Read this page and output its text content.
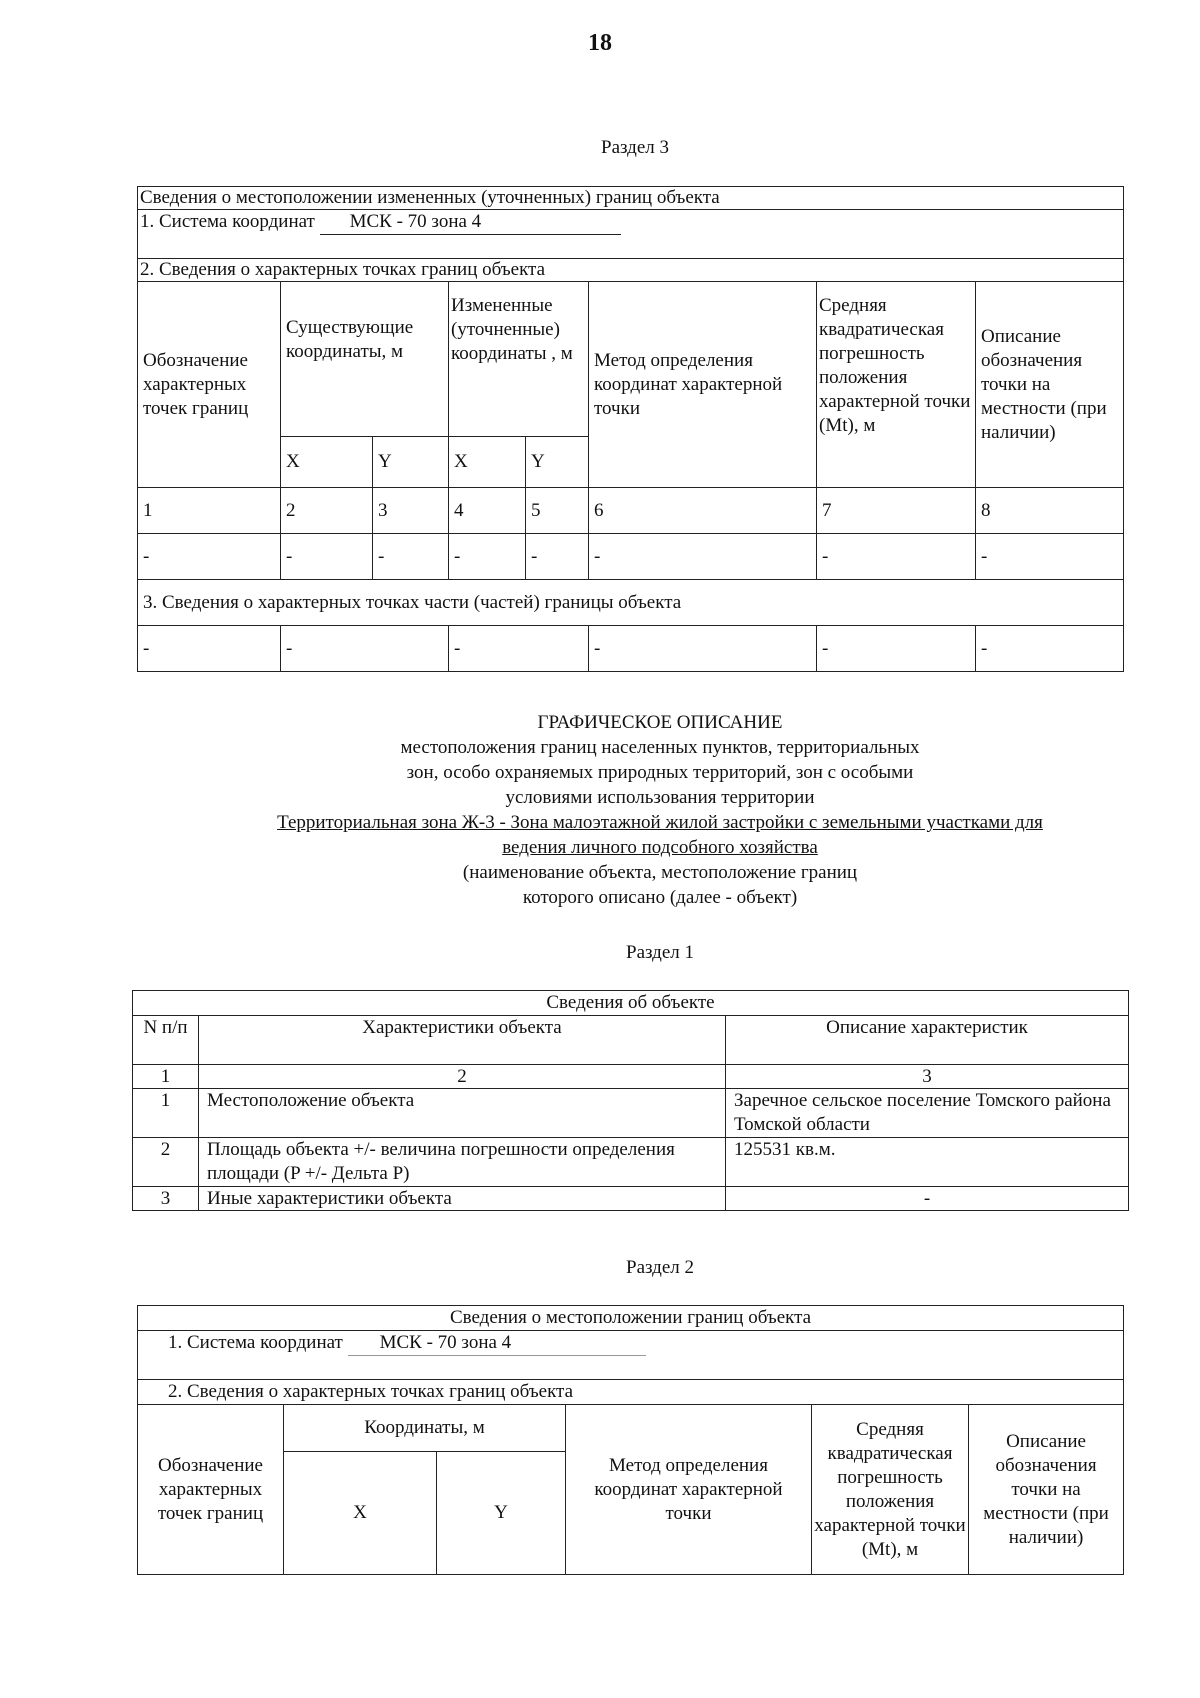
18
Раздел 3
Сведения о местоположении измененных (уточненных) границ объекта							
1. Система координат МСК - 70 зона 4							
2. Сведения о характерных точках границ объекта							
Обозначение характерных точек границ	Существующие координаты, м		Измененные (уточненные) координаты , м		Метод определения координат характерной точки	Средняя квадратическая погрешность положения характерной точки (Mt), м	Описание обозначения точки на местности (при наличии)
	X	Y	X	Y			
1	2	3	4	5	6	7	8
-	-	-	-	-	-	-	-
3. Сведения о характерных точках части (частей) границы объекта							
-	-		-		-	-	-
ГРАФИЧЕСКОЕ ОПИСАНИЕ
местоположения границ населенных пунктов, территориальных
зон, особо охраняемых природных территорий, зон с особыми
условиями использования территории
Территориальная зона Ж-3 - Зона малоэтажной жилой застройки с земельными участками для
ведения личного подсобного хозяйства
(наименование объекта, местоположение границ
которого описано (далее - объект)
Раздел 1
Сведения об объекте		
N п/п	Характеристики объекта	Описание характеристик
1	2	3
1	Местоположение объекта	Заречное сельское поселение Томского района Томской области
2	Площадь объекта +/- величина погрешности определения площади (P +/- Дельта P)	125531 кв.м.
3	Иные характеристики объекта	-
Раздел 2
Сведения о местоположении границ объекта					
1. Система координат МСК - 70 зона 4					
2. Сведения о характерных точках границ объекта					
Обозначение характерных точек границ	Координаты, м		Метод определения координат характерной точки	Средняя квадратическая погрешность положения характерной точки (Mt), м	Описание обозначения точки на местности (при наличии)
	X	Y			
